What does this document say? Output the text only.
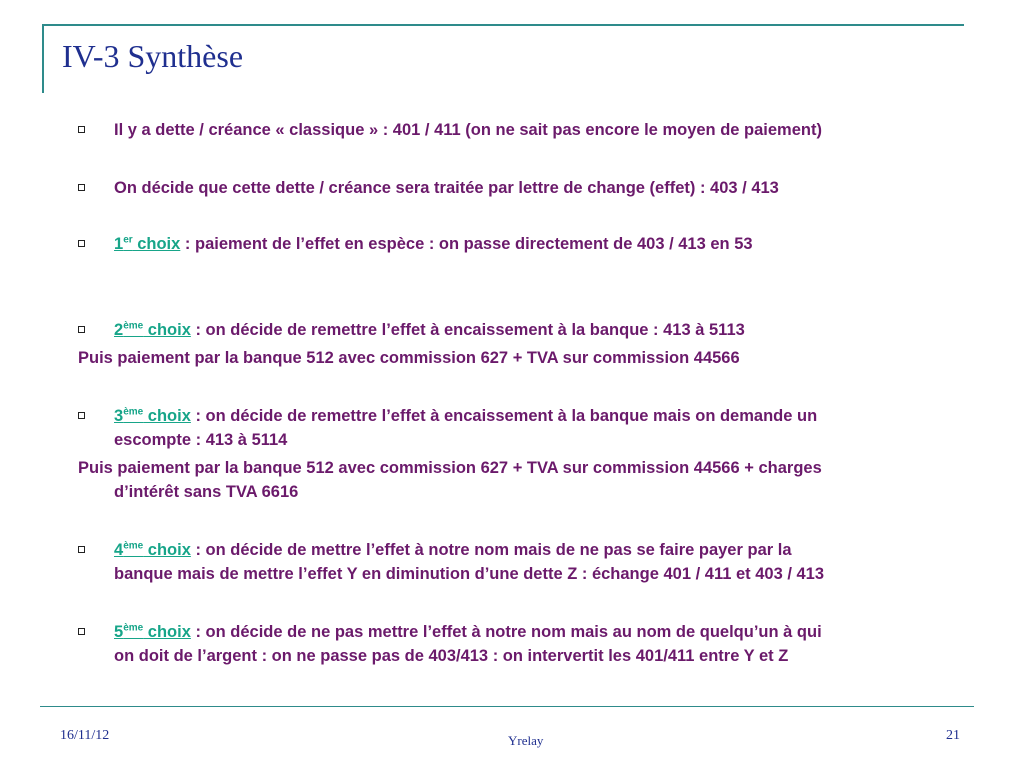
IV-3 Synthèse
Il y a dette / créance « classique » : 401 / 411 (on ne sait pas encore le moyen de paiement)
On décide que cette dette / créance sera traitée par lettre de change (effet) : 403 / 413
1er choix : paiement de l’effet en espèce : on passe directement de 403 / 413 en 53
2ème choix : on décide de remettre l’effet à encaissement à la banque : 413 à 5113
Puis paiement par la banque 512 avec commission 627 + TVA sur commission 44566
3ème choix : on décide de remettre l’effet à encaissement à la banque mais on demande un
escompte : 413 à 5114
Puis paiement par la banque 512 avec commission 627 + TVA sur commission 44566 + charges

d’intérêt sans TVA 6616
4ème choix : on décide de mettre l’effet à notre nom mais de ne pas se faire payer par la
banque mais de mettre l’effet Y en diminution d’une dette Z : échange 401 / 411 et 403 / 413
5ème choix : on décide de ne pas mettre l’effet à notre nom mais au nom de quelqu’un à qui
on doit de l’argent : on ne passe pas de 403/413 : on intervertit les 401/411 entre Y et Z
16/11/12	Yrelay	21
